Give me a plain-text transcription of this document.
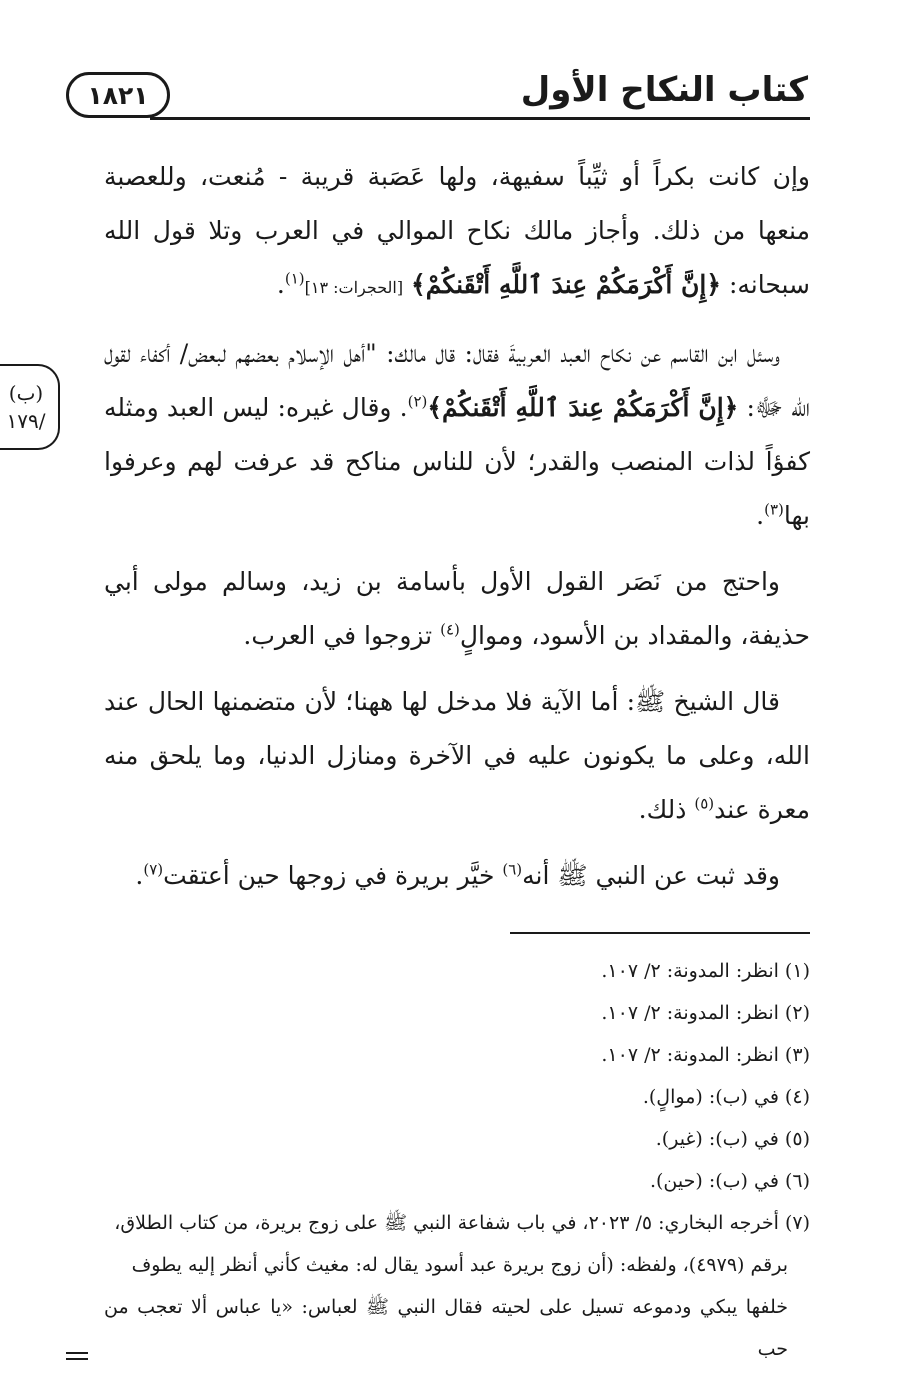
كتاب النكاح الأول
١٨٢١
(ب)
/١٧٩

وإن كانت بكراً أو ثيِّباً سفيهة، ولها عَصَبة قريبة - مُنعت، وللعصبة منعها من ذلك. وأجاز مالك نكاح الموالي في العرب وتلا قول الله سبحانه: ﴿إِنَّ أَكْرَمَكُمْ عِندَ ٱللَّهِ أَتْقَنكُمْ﴾ [الحجرات: ١٣]$^{(١)}$.

وسئل ابن القاسم عن نكاح العبد العربيةَ فقال: قال مالك: "أهل الإسلام بعضهم لبعض/ أكفاء لقول الله ﷻ: ﴿إِنَّ أَكْرَمَكُمْ عِندَ ٱللَّهِ أَتْقَنكُمْ﴾$^{(٢)}$. وقال غيره: ليس العبد ومثله كفؤاً لذات المنصب والقدر؛ لأن للناس مناكح قد عرفت لهم وعرفوا بها$^{(٣)}$.

واحتج من نَصَر القول الأول بأسامة بن زيد، وسالم مولى أبي حذيفة، والمقداد بن الأسود، وموالٍ$^{(٤)}$ تزوجوا في العرب.

قال الشيخ ﷺ: أما الآية فلا مدخل لها ههنا؛ لأن متضمنها الحال عند الله، وعلى ما يكونون عليه في الآخرة ومنازل الدنيا، وما يلحق منه معرة عند$^{(٥)}$ ذلك.

وقد ثبت عن النبي ﷺ أنه$^{(٦)}$ خيَّر بريرة في زوجها حين أعتقت$^{(٧)}$.

(١) انظر: المدونة: ٢/ ١٠٧.

(٢) انظر: المدونة: ٢/ ١٠٧.

(٣) انظر: المدونة: ٢/ ١٠٧.

(٤) في (ب): (موالٍ).

(٥) في (ب): (غير).

(٦) في (ب): (حين).

(٧) أخرجه البخاري: ٥/ ٢٠٢٣، في باب شفاعة النبي ﷺ على زوج بريرة، من كتاب الطلاق،
برقم (٤٩٧٩)، ولفظه: (أن زوج بريرة عبد أسود يقال له: مغيث كأني أنظر إليه يطوف
خلفها يبكي ودموعه تسيل على لحيته فقال النبي ﷺ لعباس: «يا عباس ألا تعجب من حب
